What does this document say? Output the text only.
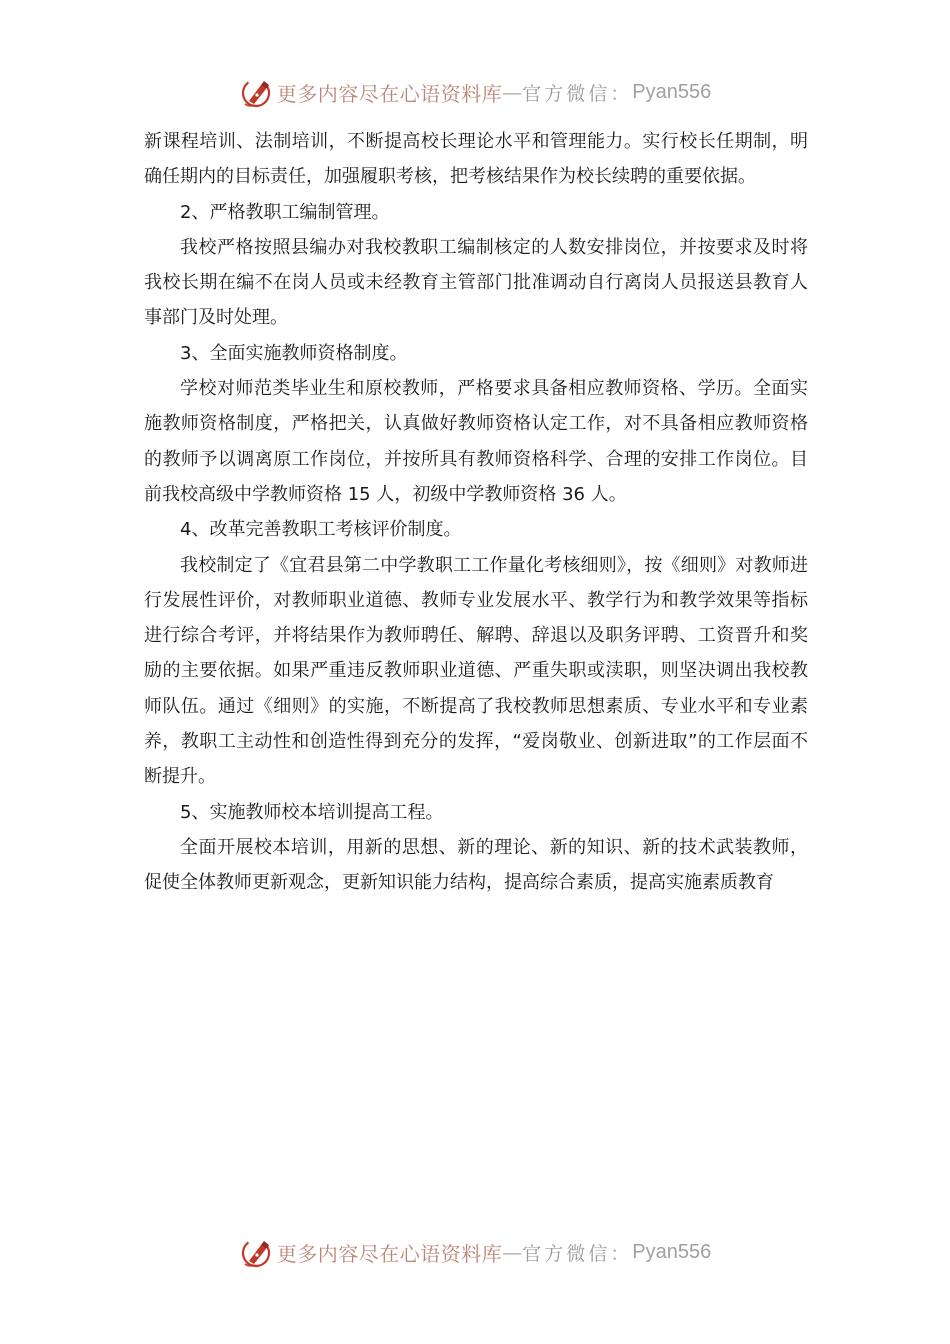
更多内容尽在心语资料库 — 官方微信： Pyan556

新课程培训、法制培训，不断提高校长理论水平和管理能力。实行校长任期制，明确任期内的目标责任，加强履职考核，把考核结果作为校长续聘的重要依据。

2、严格教职工编制管理。

我校严格按照县编办对我校教职工编制核定的人数安排岗位，并按要求及时将我校长期在编不在岗人员或未经教育主管部门批准调动自行离岗人员报送县教育人事部门及时处理。

3、全面实施教师资格制度。

学校对师范类毕业生和原校教师，严格要求具备相应教师资格、学历。全面实施教师资格制度，严格把关，认真做好教师资格认定工作，对不具备相应教师资格的教师予以调离原工作岗位，并按所具有教师资格科学、合理的安排工作岗位。目前我校高级中学教师资格 15 人，初级中学教师资格 36 人。

4、改革完善教职工考核评价制度。

我校制定了《宜君县第二中学教职工工作量化考核细则》，按《细则》对教师进行发展性评价，对教师职业道德、教师专业发展水平、教学行为和教学效果等指标进行综合考评，并将结果作为教师聘任、解聘、辞退以及职务评聘、工资晋升和奖励的主要依据。如果严重违反教师职业道德、严重失职或渎职，则坚决调出我校教师队伍。通过《细则》的实施，不断提高了我校教师思想素质、专业水平和专业素养，教职工主动性和创造性得到充分的发挥，“爱岗敬业、创新进取”的工作层面不断提升。

5、实施教师校本培训提高工程。

全面开展校本培训，用新的思想、新的理论、新的知识、新的技术武装教师，促使全体教师更新观念，更新知识能力结构，提高综合素质，提高实施素质教育

更多内容尽在心语资料库 — 官方微信： Pyan556
